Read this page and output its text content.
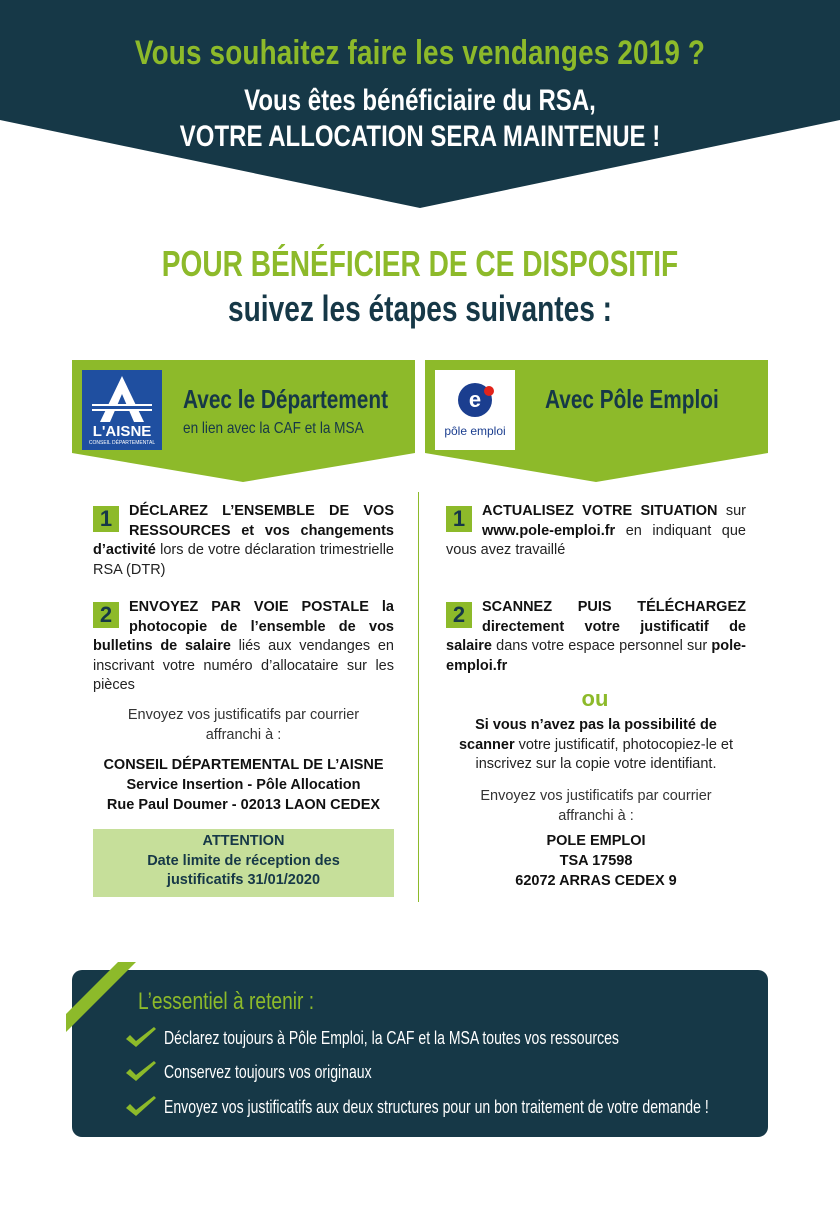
Vous souhaitez faire les vendanges 2019 ?
Vous êtes bénéficiaire du RSA,
VOTRE ALLOCATION SERA MAINTENUE !
POUR BÉNÉFICIER DE CE DISPOSITIF
suivez les étapes suivantes :
L'AISNE
CONSEIL DÉPARTEMENTAL
Avec le Département
en lien avec la CAF et la MSA
e
pôle emploi
Avec Pôle Emploi
1	DÉCLAREZ L’ENSEMBLE DE VOS RESSOURCES et vos changements d’activité lors de votre déclaration trimestrielle RSA (DTR)
2	ENVOYEZ PAR VOIE POSTALE la photocopie de l’ensemble de vos bulletins de salaire liés aux vendanges en inscrivant votre numéro d’allocataire sur les pièces
Envoyez vos justificatifs par courrier affranchi à :
CONSEIL DÉPARTEMENTAL DE L’AISNE
Service Insertion - Pôle Allocation
Rue Paul Doumer - 02013 LAON CEDEX
ATTENTION
Date limite de réception des justificatifs 31/01/2020
1	ACTUALISEZ VOTRE SITUATION sur www.pole-emploi.fr en indiquant que vous avez travaillé
2	SCANNEZ PUIS TÉLÉCHARGEZ directement votre justificatif de salaire dans votre espace personnel sur pole-emploi.fr
ou
Si vous n’avez pas la possibilité de scanner votre justificatif, photocopiez-le et inscrivez sur la copie votre identifiant.
Envoyez vos justificatifs par courrier affranchi à :
POLE EMPLOI
TSA 17598
62072 ARRAS CEDEX 9
L’essentiel à retenir :
Déclarez toujours à Pôle Emploi, la CAF et la MSA toutes vos ressources
Conservez toujours vos originaux
Envoyez vos justificatifs aux deux structures pour un bon traitement de votre demande !
